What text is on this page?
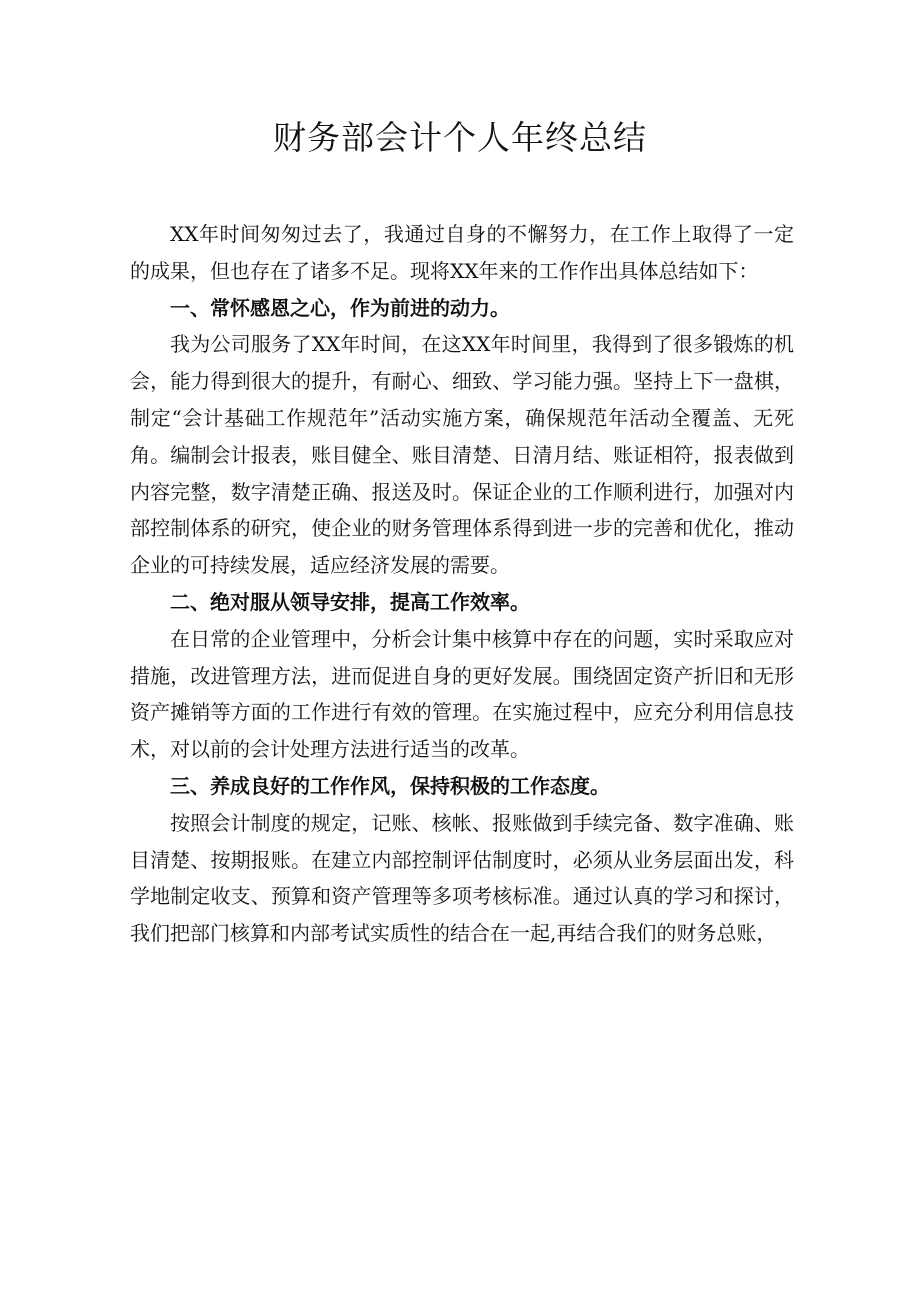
财务部会计个人年终总结

XX年时间匆匆过去了，我通过自身的不懈努力，在工作上取得了一定的成果，但也存在了诸多不足。现将XX年来的工作作出具体总结如下：

一、常怀感恩之心，作为前进的动力。

我为公司服务了XX年时间，在这XX年时间里，我得到了很多锻炼的机会，能力得到很大的提升，有耐心、细致、学习能力强。坚持上下一盘棋，制定“会计基础工作规范年”活动实施方案，确保规范年活动全覆盖、无死角。编制会计报表，账目健全、账目清楚、日清月结、账证相符，报表做到内容完整，数字清楚正确、报送及时。保证企业的工作顺利进行，加强对内部控制体系的研究，使企业的财务管理体系得到进一步的完善和优化，推动企业的可持续发展，适应经济发展的需要。

二、绝对服从领导安排，提高工作效率。

在日常的企业管理中，分析会计集中核算中存在的问题，实时采取应对措施，改进管理方法，进而促进自身的更好发展。围绕固定资产折旧和无形资产摊销等方面的工作进行有效的管理。在实施过程中，应充分利用信息技术，对以前的会计处理方法进行适当的改革。

三、养成良好的工作作风，保持积极的工作态度。

按照会计制度的规定，记账、核帐、报账做到手续完备、数字准确、账目清楚、按期报账。在建立内部控制评估制度时，必须从业务层面出发，科学地制定收支、预算和资产管理等多项考核标准。通过认真的学习和探讨，我们把部门核算和内部考试实质性的结合在一起,再结合我们的财务总账，
